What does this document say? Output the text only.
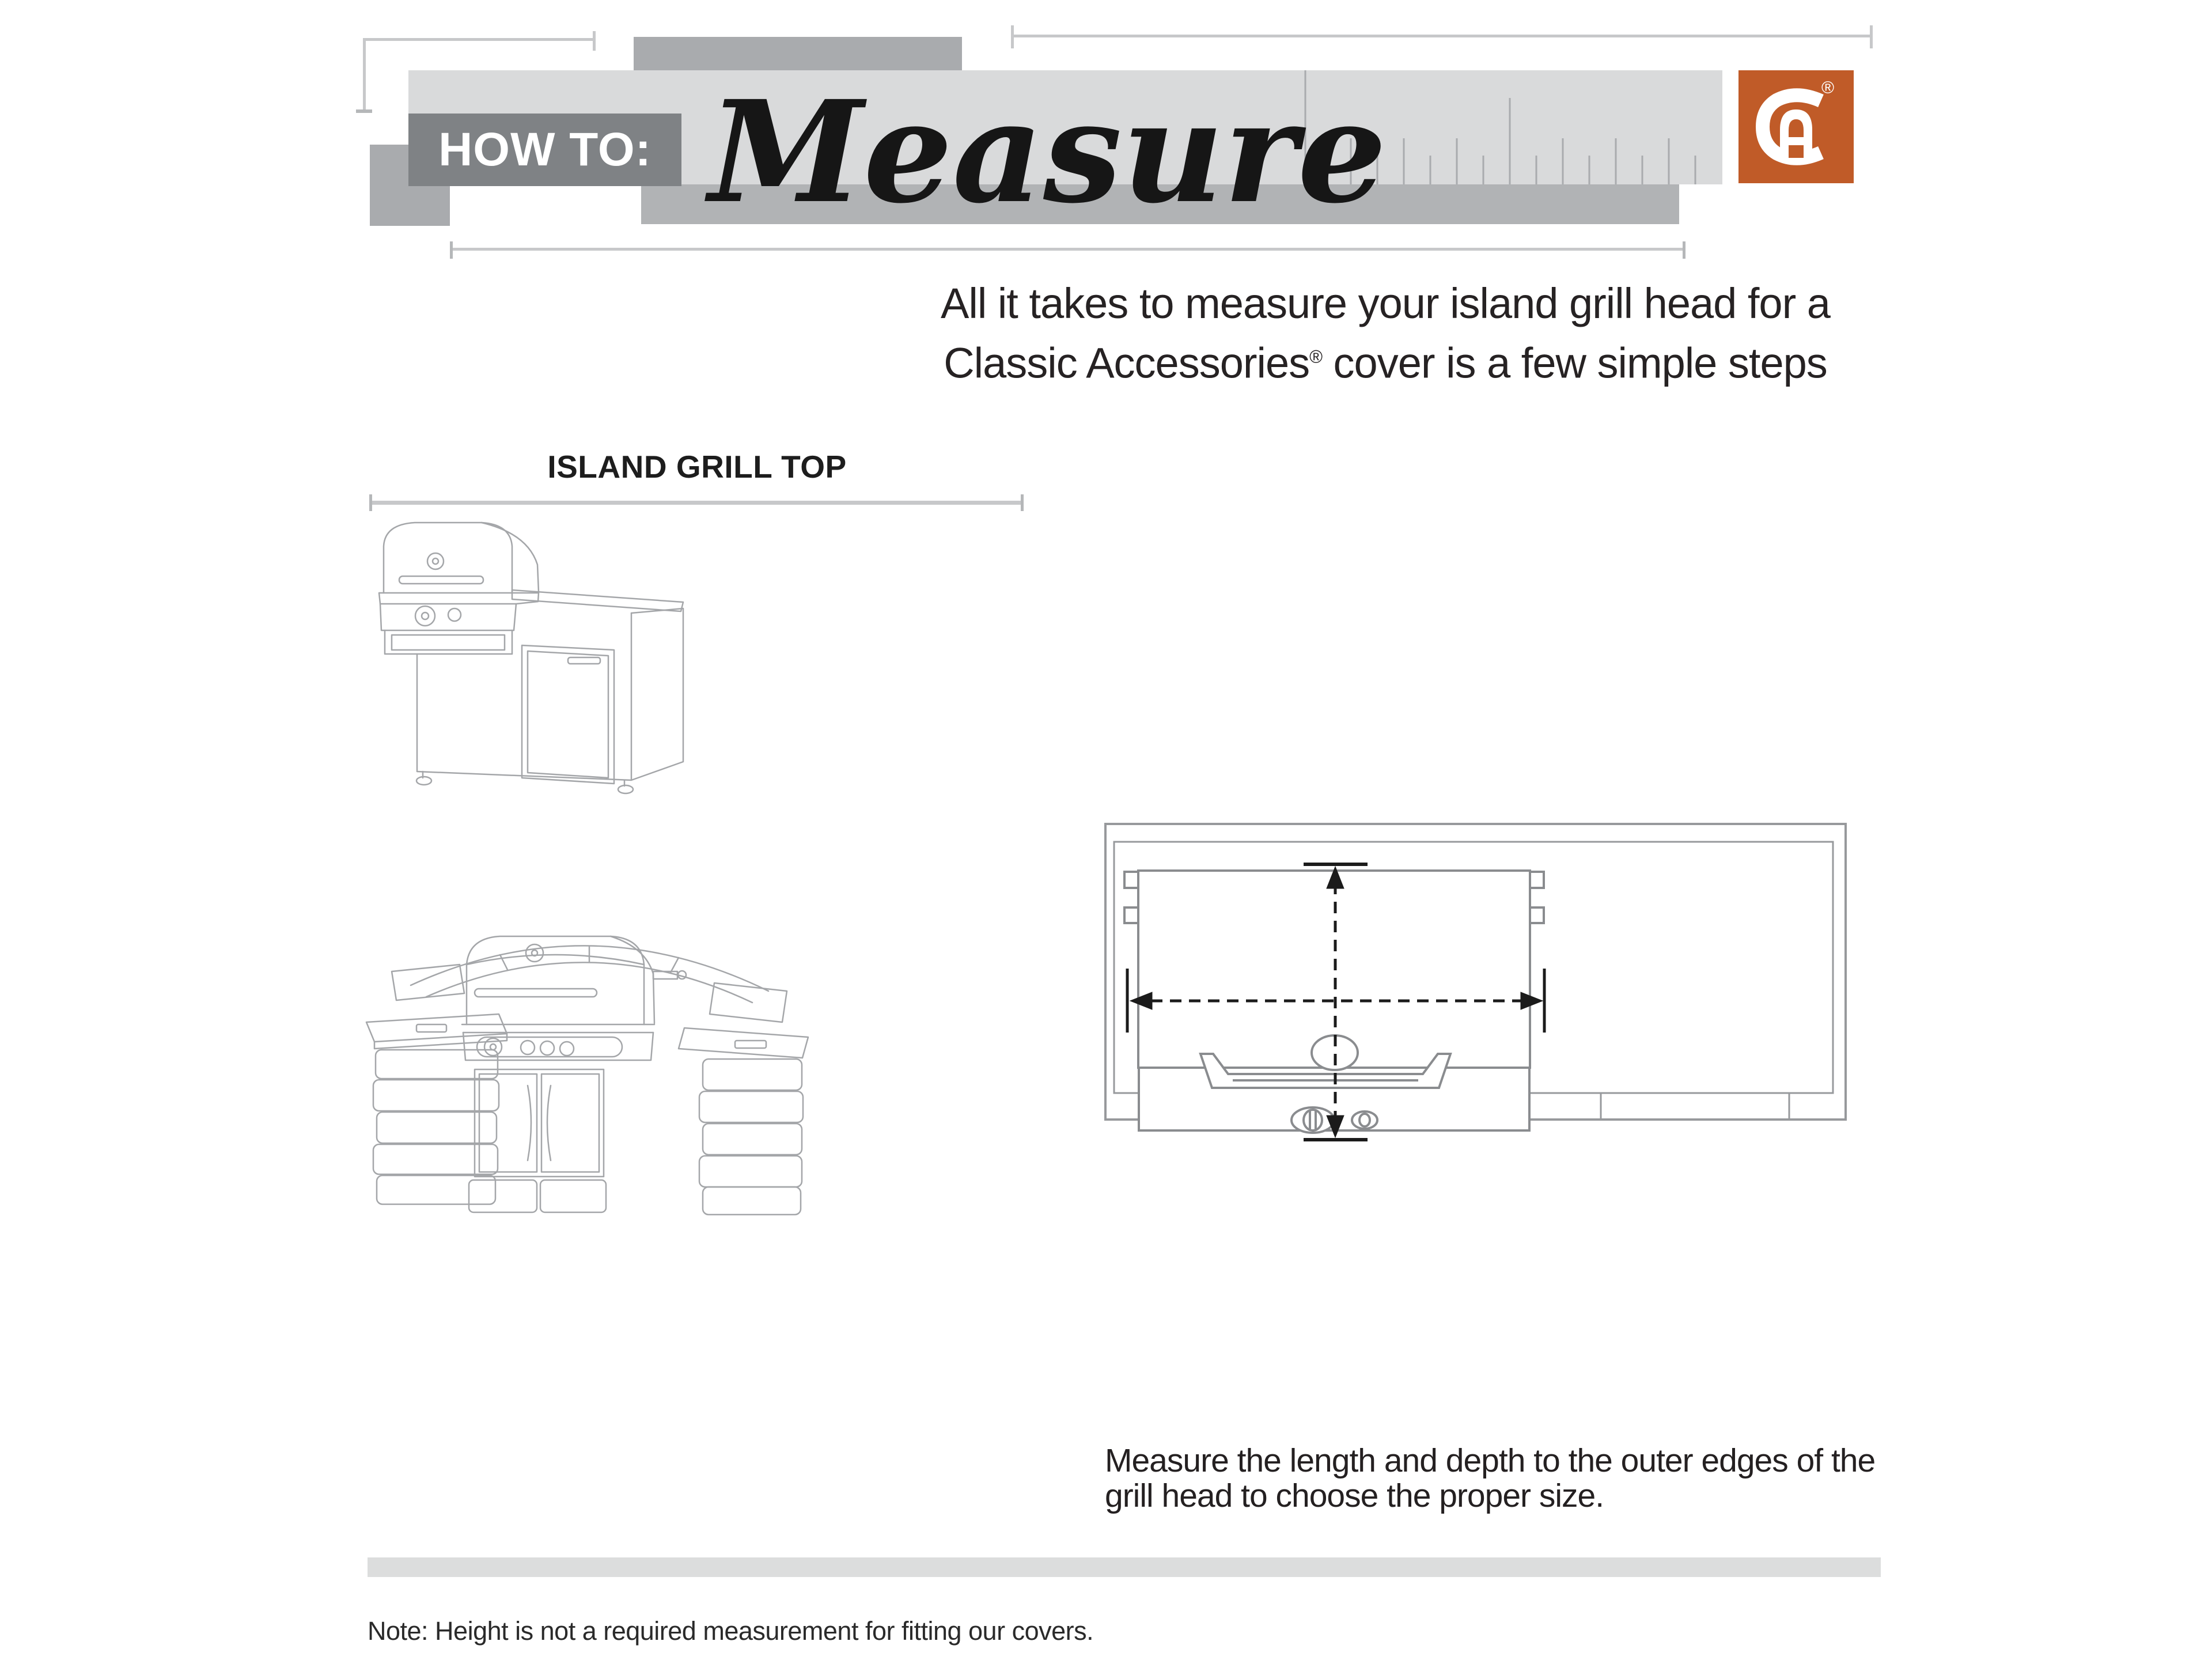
HOW TO: Measure	®
All it takes to measure your island grill head for a
Classic Accessories® cover is a few simple steps
ISLAND GRILL TOP
Measure the length and depth to the outer edges of the
grill head to choose the proper size.
Note: Height is not a required measurement for fitting our covers.
